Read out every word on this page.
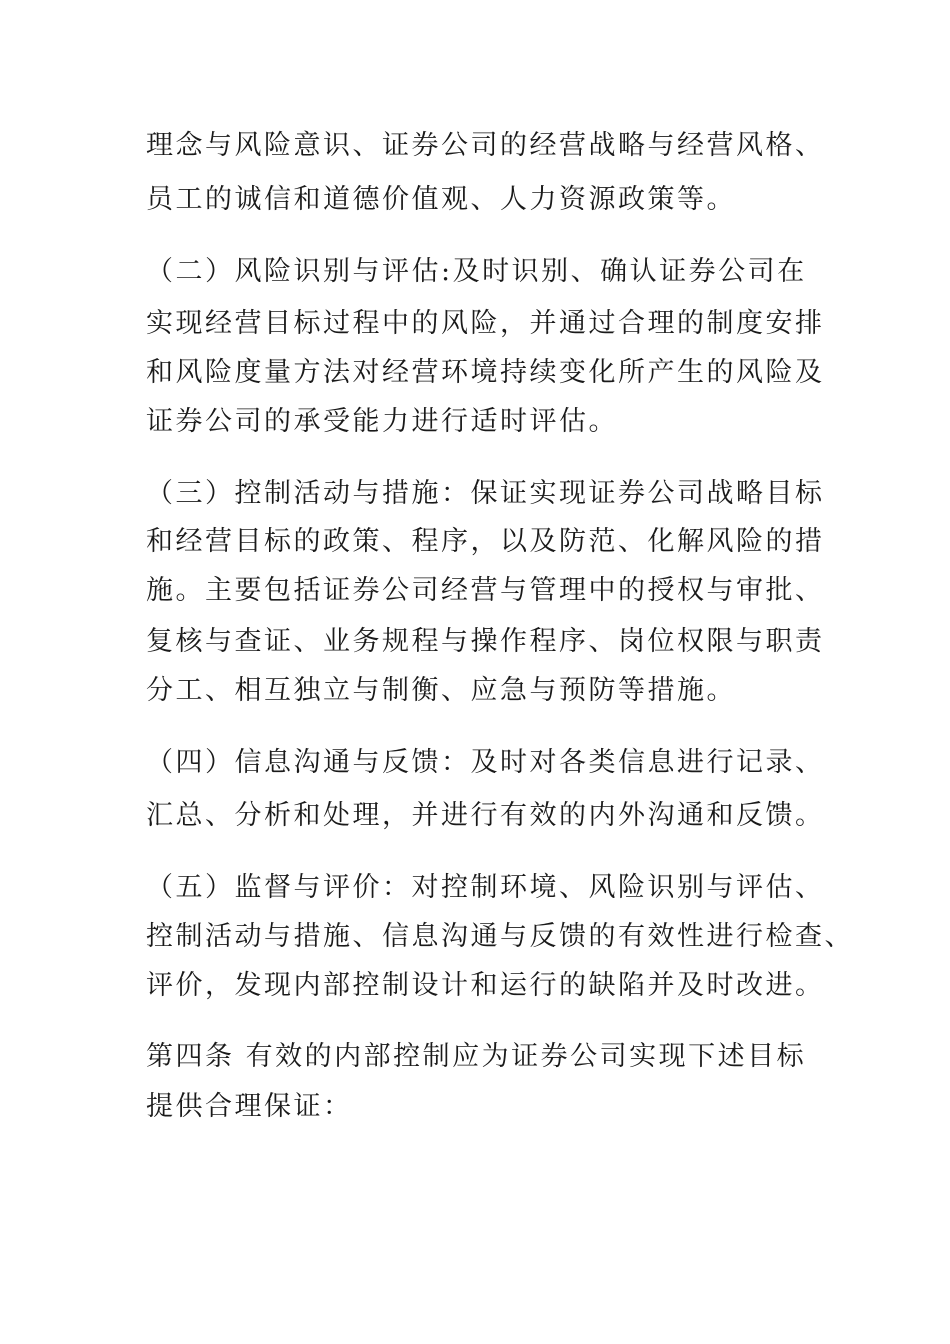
理念与风险意识、证券公司的经营战略与经营风格、
员工的诚信和道德价值观、人力资源政策等。
（二）风险识别与评估:及时识别、确认证券公司在
实现经营目标过程中的风险，并通过合理的制度安排
和风险度量方法对经营环境持续变化所产生的风险及
证券公司的承受能力进行适时评估。
（三）控制活动与措施：保证实现证券公司战略目标
和经营目标的政策、程序，以及防范、化解风险的措
施。主要包括证券公司经营与管理中的授权与审批、
复核与查证、业务规程与操作程序、岗位权限与职责
分工、相互独立与制衡、应急与预防等措施。
（四）信息沟通与反馈：及时对各类信息进行记录、
汇总、分析和处理，并进行有效的内外沟通和反馈。
（五）监督与评价：对控制环境、风险识别与评估、
控制活动与措施、信息沟通与反馈的有效性进行检查、
评价，发现内部控制设计和运行的缺陷并及时改进。
第四条 有效的内部控制应为证券公司实现下述目标
提供合理保证：
